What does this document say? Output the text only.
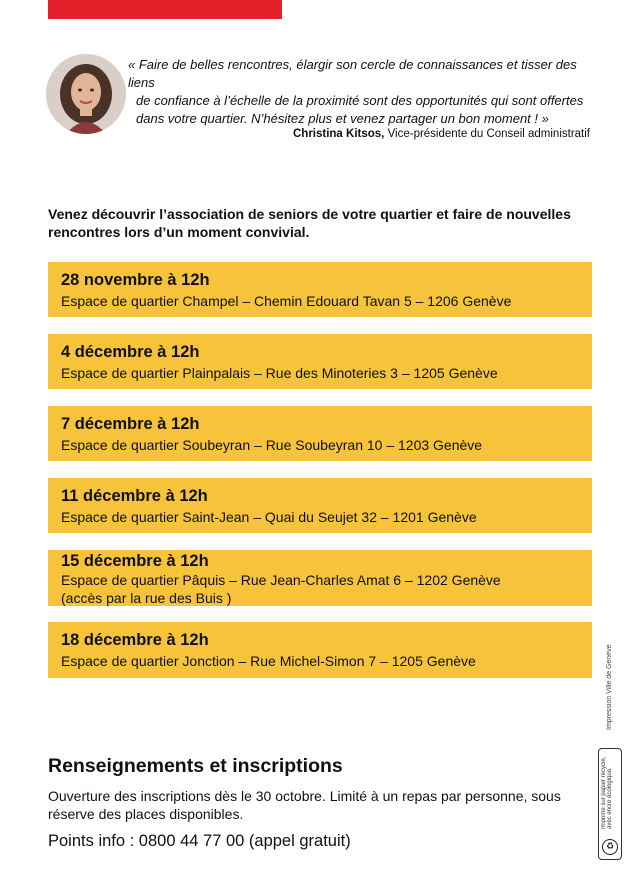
« Faire de belles rencontres, élargir son cercle de connaissances et tisser des liens
de confiance à l’échelle de la proximité sont des opportunités qui sont offertes
dans votre quartier. N’hésitez plus et venez partager un bon moment ! »
Christina Kitsos, Vice-présidente du Conseil administratif
Venez découvrir l’association de seniors de votre quartier et faire de nouvelles rencontres lors d’un moment convivial.
28 novembre à 12h
Espace de quartier Champel – Chemin Edouard Tavan 5 – 1206 Genève
4 décembre à 12h
Espace de quartier Plainpalais – Rue des Minoteries 3 – 1205 Genève
7 décembre à 12h
Espace de quartier Soubeyran – Rue Soubeyran 10 – 1203 Genève
11 décembre à 12h
Espace de quartier Saint-Jean – Quai du Seujet 32 – 1201 Genève
15 décembre à 12h
Espace de quartier Pâquis – Rue Jean-Charles Amat 6 – 1202 Genève
(accès par la rue des Buis )
18 décembre à 12h
Espace de quartier Jonction – Rue Michel-Simon 7 – 1205 Genève	Impression Ville de Genève
Imprimé sur papier recyclé,
avec encre écologique.
♻
Renseignements et inscriptions
Ouverture des inscriptions dès le 30 octobre. Limité à un repas par personne, sous réserve des places disponibles.
Points info : 0800 44 77 00 (appel gratuit)
